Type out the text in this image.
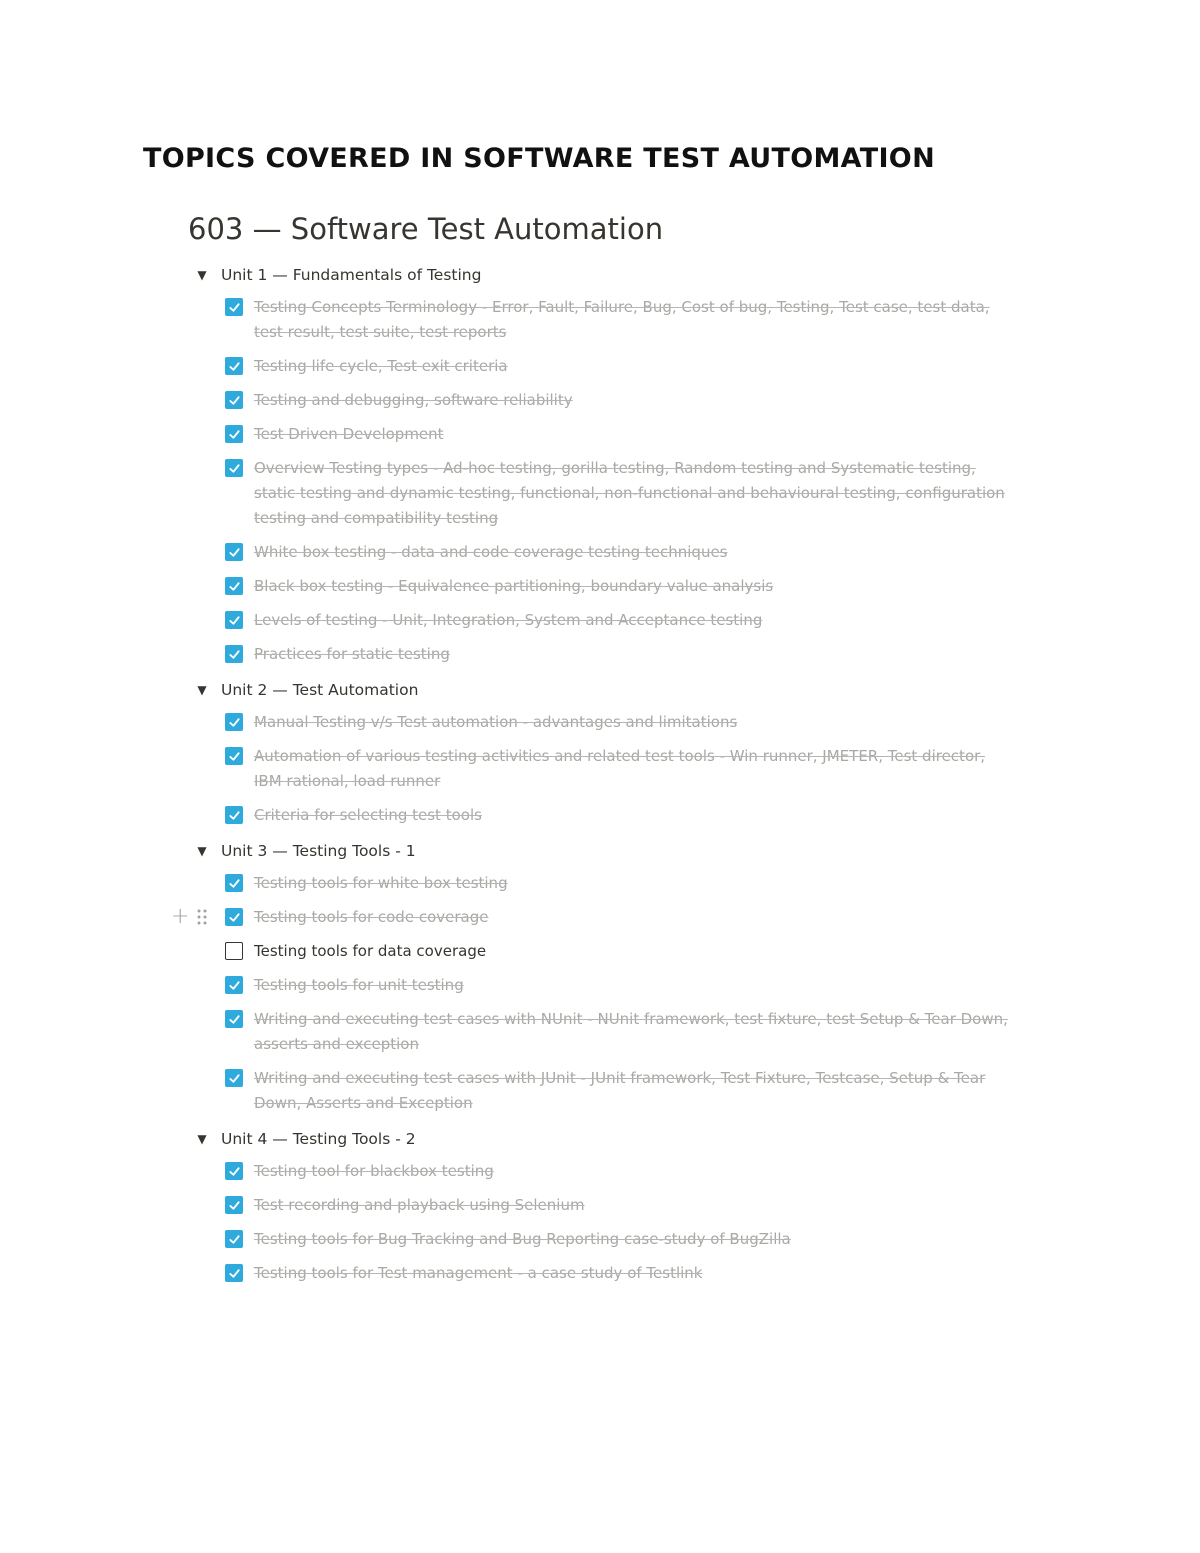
TOPICS COVERED IN SOFTWARE TEST AUTOMATION
603 — Software Test Automation
▼ Unit 1 — Fundamentals of Testing
Testing Concepts Terminology - Error, Fault, Failure, Bug, Cost of bug, Testing, Test case, test data, test result, test suite, test reports
Testing life cycle, Test exit criteria
Testing and debugging, software reliability
Test Driven Development
Overview Testing types - Ad-hoc testing, gorilla testing, Random testing and Systematic testing, static testing and dynamic testing, functional, non-functional and behavioural testing, configuration testing and compatibility testing
White box testing - data and code coverage testing techniques
Black box testing - Equivalence partitioning, boundary value analysis
Levels of testing - Unit, Integration, System and Acceptance testing
Practices for static testing
▼ Unit 2 — Test Automation
Manual Testing v/s Test automation - advantages and limitations
Automation of various testing activities and related test tools - Win runner, JMETER, Test director, IBM rational, load runner
Criteria for selecting test tools
▼ Unit 3 — Testing Tools - 1
Testing tools for white box testing
+	Testing tools for code coverage
Testing tools for data coverage
Testing tools for unit testing
Writing and executing test cases with NUnit - NUnit framework, test fixture, test Setup & Tear Down, asserts and exception
Writing and executing test cases with JUnit - JUnit framework, Test Fixture, Testcase, Setup & Tear Down, Asserts and Exception
▼ Unit 4 — Testing Tools - 2
Testing tool for blackbox testing
Test recording and playback using Selenium
Testing tools for Bug Tracking and Bug Reporting case-study of BugZilla
Testing tools for Test management - a case study of Testlink
